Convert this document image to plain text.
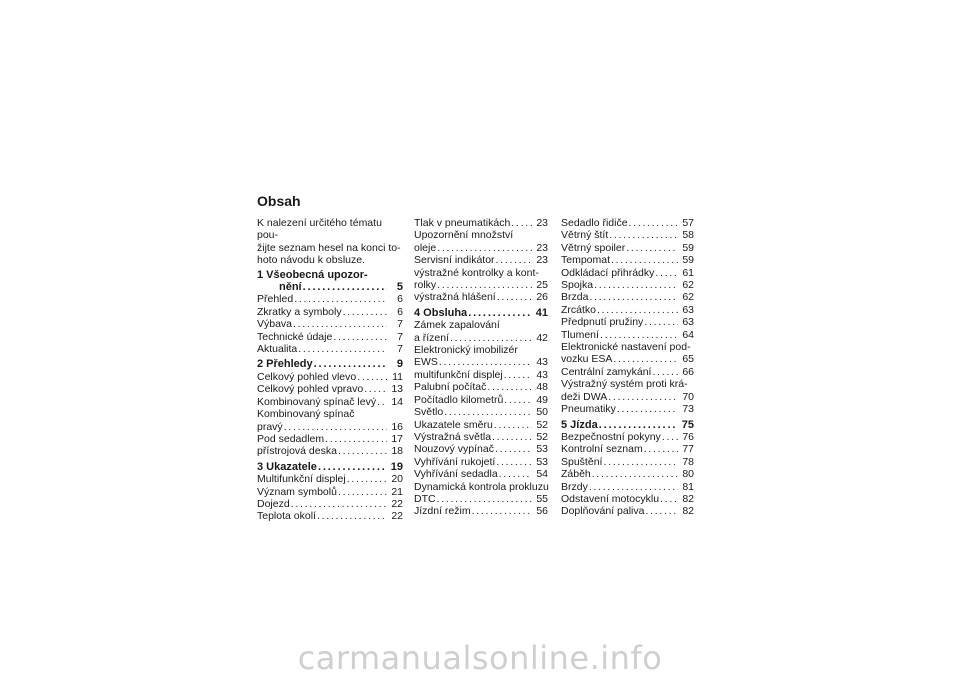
Obsah
K nalezení určitého tématu pou-
žijte seznam hesel na konci to-
hoto návodu k obsluze.
1 Všeobecná upozor-
nění . . .	5
Přehled . . .	6
Zkratky a symboly . . .	6
Výbava . . .	7
Technické údaje . . .	7
Aktualita . . .	7
2 Přehledy . . .	9
Celkový pohled vlevo . . .	11
Celkový pohled vpravo . . .	13
Kombinovaný spínač levý . . . 14
Kombinovaný spínač
pravý . . .	16
Pod sedadlem . . .	17
přístrojová deska . . .	18
3 Ukazatele . . .	19
Multifunkční displej . . .	20
Význam symbolů . . .	21
Dojezd . . .	22
Teplota okolí . . .	22
Tlak v pneumatikách . . . 23
Upozornění množství
oleje . . .	23
Servisní indikátor . . .	23
výstražné kontrolky a kont-
rolky . . .	25
výstražná hlášení . . .	26
4 Obsluha . . .	41
Zámek zapalování
a řízení . . .	42
Elektronický imobilizér
EWS . . .	43
multifunkční displej . . .	43
Palubní počítač . . .	48
Počítadlo kilometrů . . .	49
Světlo . . .	50
Ukazatele směru . . .	52
Výstražná světla . . .	52
Nouzový vypínač . . .	53
Vyhřívání rukojetí . . .	53
Vyhřívání sedadla . . .	54
Dynamická kontrola prokluzu
DTC . . .	55
Jízdní režim . . .	56
Sedadlo řidiče . . .	57
Větrný štít . . .	58
Větrný spoiler . . .	59
Tempomat . . .	59
Odkládací přihrádky . . .	61
Spojka . . .	62
Brzda . . .	62
Zrcátko . . .	63
Předpnutí pružiny . . .	63
Tlumení . . .	64
Elektronické nastavení pod-
vozku ESA . . .	65
Centrální zamykání . . .	66
Výstražný systém proti krá-
deži DWA . . .	70
Pneumatiky . . .	73
5 Jízda . . .	75
Bezpečnostní pokyny . . . 76
Kontrolní seznam . . .	77
Spuštění . . .	78
Záběh . . .	80
Brzdy . . .	81
Odstavení motocyklu . . . 82
Doplňování paliva . . .	82
carmanualsonline.info
